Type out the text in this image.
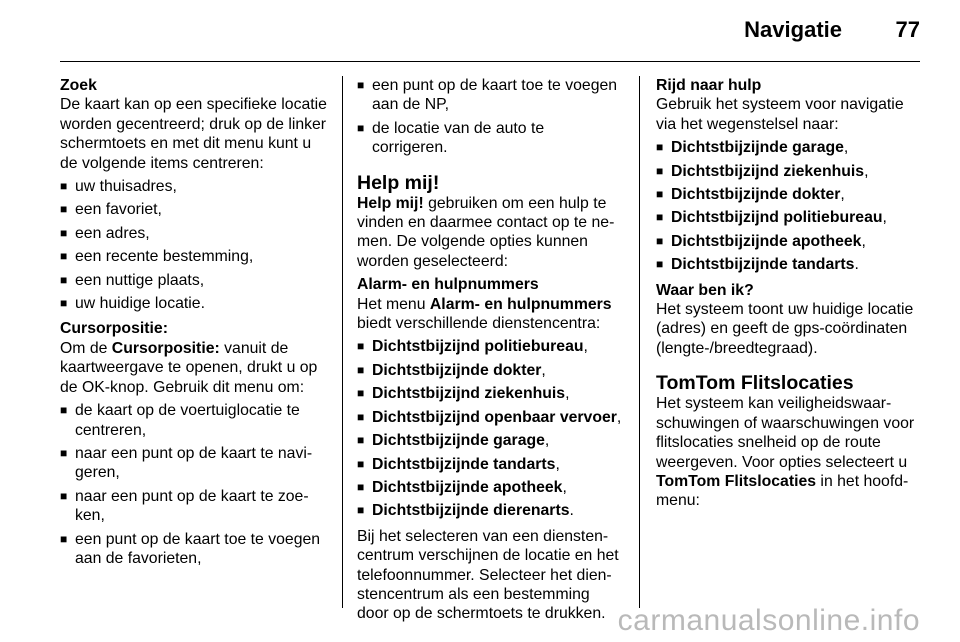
Navigatie 77

Zoek

De kaart kan op een specifieke locatie worden gecentreerd; druk op de linker schermtoets en met dit menu kunt u de volgende items centreren:

■ uw thuisadres,
■ een favoriet,
■ een adres,
■ een recente bestemming,
■ een nuttige plaats,
■ uw huidige locatie.

Cursorpositie:

Om de Cursorpositie: vanuit de kaartweergave te openen, drukt u op de OK-knop. Gebruik dit menu om:

■ de kaart op de voertuiglocatie te centreren,
■ naar een punt op de kaart te navigeren,
■ naar een punt op de kaart te zoeken,
■ een punt op de kaart toe te voegen aan de favorieten,
■ een punt op de kaart toe te voegen aan de NP,
■ de locatie van de auto te corrigeren.

Help mij!

Help mij! gebruiken om een hulp te vinden en daarmee contact op te nemen. De volgende opties kunnen worden geselecteerd:

Alarm- en hulpnummers

Het menu Alarm- en hulpnummers biedt verschillende dienstencentra:

■ Dichtstbijzijnd politiebureau,
■ Dichtstbijzijnde dokter,
■ Dichtstbijzijnd ziekenhuis,
■ Dichtstbijzijnd openbaar vervoer,
■ Dichtstbijzijnde garage,
■ Dichtstbijzijnde tandarts,
■ Dichtstbijzijnde apotheek,
■ Dichtstbijzijnde dierenarts.

Bij het selecteren van een dienstencentrum verschijnen de locatie en het telefoonnummer. Selecteer het dienstencentrum als een bestemming door op de schermtoets te drukken.

Rijd naar hulp

Gebruik het systeem voor navigatie via het wegenstelsel naar:

■ Dichtstbijzijnde garage,
■ Dichtstbijzijnd ziekenhuis,
■ Dichtstbijzijnde dokter,
■ Dichtstbijzijnd politiebureau,
■ Dichtstbijzijnde apotheek,
■ Dichtstbijzijnde tandarts.

Waar ben ik?

Het systeem toont uw huidige locatie (adres) en geeft de gps-coördinaten (lengte-/breedtegraad).

TomTom Flitslocaties

Het systeem kan veiligheidswaarschuwingen of waarschuwingen voor flitslocaties snelheid op de route weergeven. Voor opties selecteert u TomTom Flitslocaties in het hoofdmenu:

carmanualsonline.info
